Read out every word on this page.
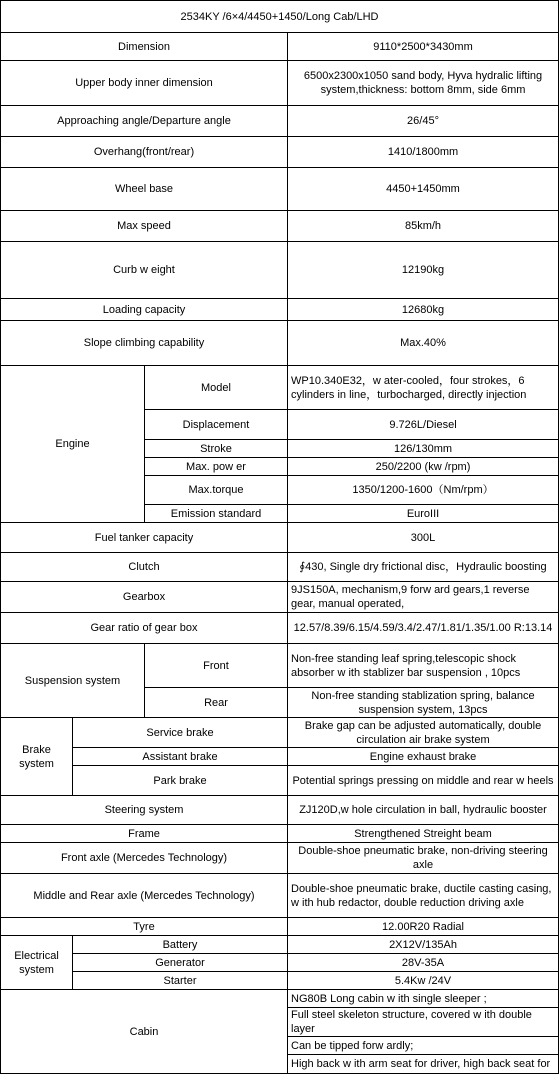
2534KY /6×4/4450+1450/Long Cab/LHD			
Dimension			9110*2500*3430mm
Upper body inner dimension			6500x2300x1050 sand body, Hyva hydralic lifting system,thickness: bottom 8mm, side 6mm
Approaching angle/Departure angle			26/45°
Overhang(front/rear)			1410/1800mm
Wheel base			4450+1450mm
Max speed			85km/h
Curb w eight			12190kg
Loading capacity			12680kg
Slope climbing capability			Max.40%
Engine		Model	WP10.340E32，w ater-cooled，four strokes，6 cylinders in line，turbocharged, directly injection
		Displacement	9.726L/Diesel
		Stroke	126/130mm
		Max. pow er	250/2200 (kw /rpm)
		Max.torque	1350/1200-1600（Nm/rpm）
		Emission standard	EuroIII
Fuel tanker capacity			300L
Clutch			∮430, Single dry frictional disc，Hydraulic boosting
Gearbox			9JS150A, mechanism,9 forw ard gears,1 reverse gear, manual operated,
Gear ratio of gear box			12.57/8.39/6.15/4.59/3.4/2.47/1.81/1.35/1.00 R:13.14
Suspension system		Front	Non-free standing leaf spring,telescopic shock absorber w ith stablizer bar suspension , 10pcs
		Rear	Non-free standing stablization spring, balance suspension system, 13pcs
Brake system	Service brake		Brake gap can be adjusted automatically, double circulation air brake system
	Assistant brake		Engine exhaust brake
	Park brake		Potential springs pressing on middle and rear w heels
Steering system			ZJ120D,w hole circulation in ball, hydraulic booster
Frame			Strengthened Streight beam
Front axle (Mercedes Technology)			Double-shoe pneumatic brake, non-driving steering axle
Middle and Rear axle (Mercedes Technology)			Double-shoe pneumatic brake, ductile casting casing, w ith hub redactor, double reduction driving axle
Tyre			12.00R20 Radial
Electrical system	Battery		2X12V/135Ah
	Generator		28V-35A
	Starter		5.4Kw /24V
Cabin			NG80B Long cabin w ith single sleeper ;
			Full steel skeleton structure, covered w ith double layer
			Can be tipped forw ardly;
			High back w ith arm seat for driver, high back seat for
